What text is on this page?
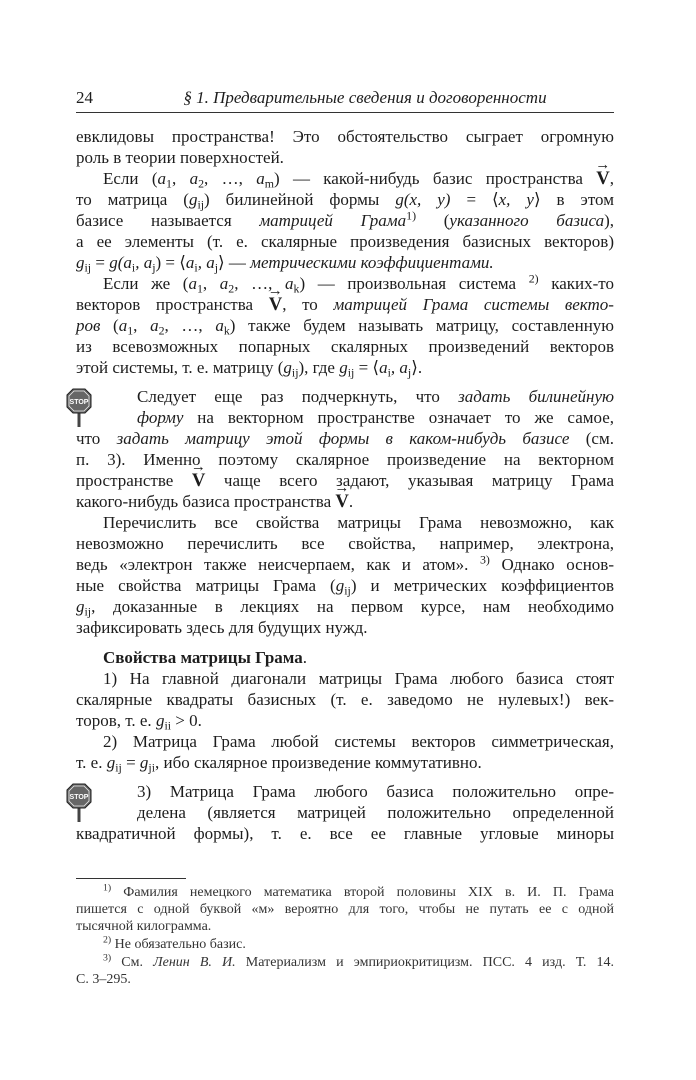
24	§ 1. Предварительные сведения и договоренности
евклидовы пространства! Это обстоятельство сыграет огромную
роль в теории поверхностей.
Если ($a_1$, $a_2$, …, $a_m$) — какой-нибудь базис пространства → V,
то матрица $(g_{ij})$ билинейной формы g(x, y) = ⟨x, y⟩ в этом
базисе называется матрицей Грама$^{1)}$ (указанного базиса),
а ее элементы (т. е. скалярные произведения базисных векторов)
$g_{ij} = g(a_i$, $a_j$) = $⟨a_i$, $a_j⟩$ — метрическими коэффициентами.
Если же ($a_1$, $a_2$, …, $a_k$) — произвольная система $^{2)}$ каких-то
векторов пространства → V, то матрицей Грама системы векто-
ров ($a_1$, $a_2$, …, $a_k$) также будем называть матрицу, составленную
из всевозможных попарных скалярных произведений векторов
этой системы, т. е. матрицу $(g_{ij})$, где $g_{ij}$ = $⟨a_i$, $a_j⟩$.
STOP	Следует еще раз подчеркнуть, что задать билинейную
форму на векторном пространстве означает то же самое,
что задать матрицу этой формы в каком-нибудь базисе (см.
п. 3). Именно поэтому скалярное произведение на векторном
пространстве → V чаще всего задают, указывая матрицу Грама
какого-нибудь базиса пространства → V.
Перечислить все свойства матрицы Грама невозможно, как
невозможно перечислить все свойства, например, электрона,
ведь «электрон также неисчерпаем, как и атом». $^{3)}$ Однако основ-
ные свойства матрицы Грама $(g_{ij})$ и метрических коэффициентов
$g_{ij}$, доказанные в лекциях на первом курсе, нам необходимо
зафиксировать здесь для будущих нужд.
Свойства матрицы Грама.
1) На главной диагонали матрицы Грама любого базиса стоят
скалярные квадраты базисных (т. е. заведомо не нулевых!) век-
торов, т. е. $g_{ii} > 0$.
2) Матрица Грама любой системы векторов симметрическая,
т. е. $g_{ij} = g_{ji}$, ибо скалярное произведение коммутативно.
STOP	3) Матрица Грама любого базиса положительно опре-
делена (является матрицей положительно определенной
квадратичной формы), т. е. все ее главные угловые миноры
$^{1)}$ Фамилия немецкого математика второй половины XIX в. И. П. Грама
пишется с одной буквой «м» вероятно для того, чтобы не путать ее с одной
тысячной килограмма.
$^{2)}$ Не обязательно базис.
$^{3)}$ См. Ленин В. И. Материализм и эмпириокритицизм. ПСС. 4 изд. Т. 14.
С. 3–295.
